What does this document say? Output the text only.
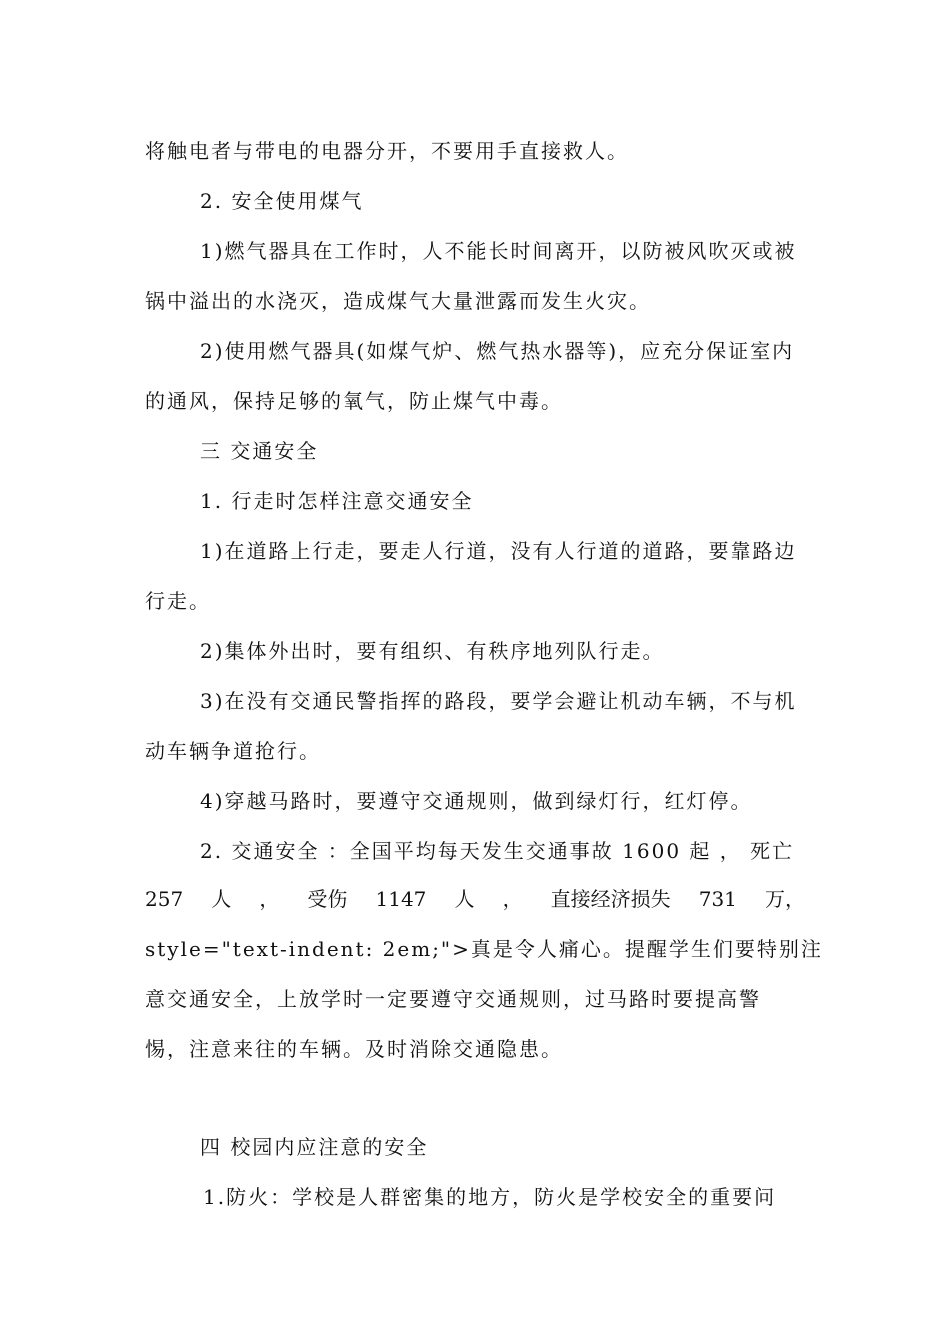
将触电者与带电的电器分开，不要用手直接救人。
2. 安全使用煤气
1)燃气器具在工作时，人不能长时间离开，以防被风吹灭或被
锅中溢出的水浇灭，造成煤气大量泄露而发生火灾。
2)使用燃气器具(如煤气炉、燃气热水器等)，应充分保证室内
的通风，保持足够的氧气，防止煤气中毒。
三 交通安全
1. 行走时怎样注意交通安全
1)在道路上行走，要走人行道，没有人行道的道路，要靠路边
行走。
2)集体外出时，要有组织、有秩序地列队行走。
3)在没有交通民警指挥的路段，要学会避让机动车辆，不与机
动车辆争道抢行。
4)穿越马路时，要遵守交通规则，做到绿灯行，红灯停。
2. 交通安全 ：全国平均每天发生交通事故 1600 起 ， 死亡
257 人 ， 受伤 1147 人 ， 直接经济损失 731 万，
style="text-indent: 2em;">真是令人痛心。提醒学生们要特别注
意交通安全，上放学时一定要遵守交通规则，过马路时要提高警
惕，注意来往的车辆。及时消除交通隐患。
四 校园内应注意的安全
1.防火：学校是人群密集的地方，防火是学校安全的重要问
